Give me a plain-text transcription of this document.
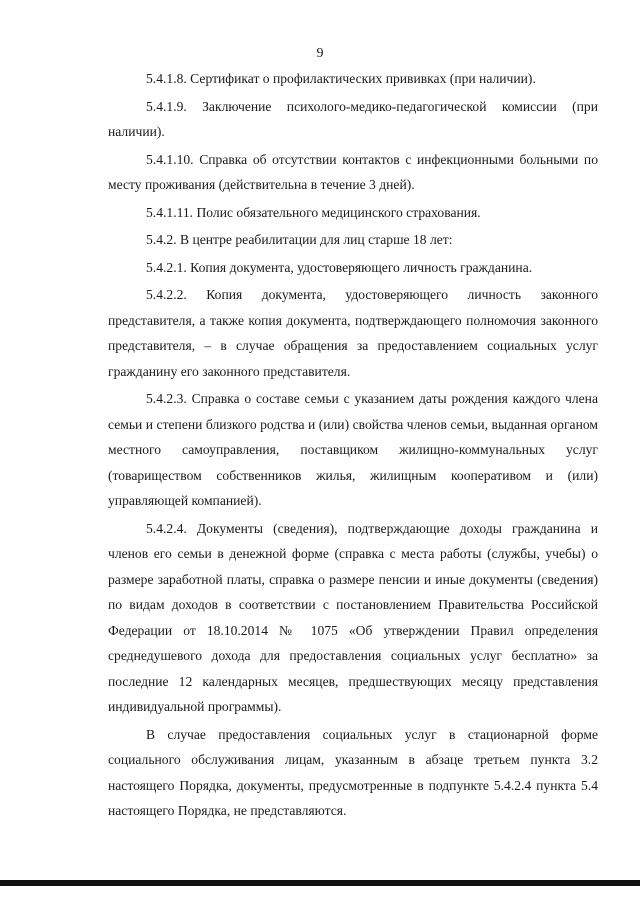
9

5.4.1.8. Сертификат о профилактических прививках (при наличии).

5.4.1.9. Заключение психолого-медико-педагогической комиссии (при наличии).

5.4.1.10. Справка об отсутствии контактов с инфекционными больными по месту проживания (действительна в течение 3 дней).

5.4.1.11. Полис обязательного медицинского страхования.

5.4.2. В центре реабилитации для лиц старше 18 лет:

5.4.2.1. Копия документа, удостоверяющего личность гражданина.

5.4.2.2. Копия документа, удостоверяющего личность законного представителя, а также копия документа, подтверждающего полномочия законного представителя, – в случае обращения за предоставлением социальных услуг гражданину его законного представителя.

5.4.2.3. Справка о составе семьи с указанием даты рождения каждого члена семьи и степени близкого родства и (или) свойства членов семьи, выданная органом местного самоуправления, поставщиком жилищно-коммунальных услуг (товариществом собственников жилья, жилищным кооперативом и (или) управляющей компанией).

5.4.2.4. Документы (сведения), подтверждающие доходы гражданина и членов его семьи в денежной форме (справка с места работы (службы, учебы) о размере заработной платы, справка о размере пенсии и иные документы (сведения) по видам доходов в соответствии с постановлением Правительства Российской Федерации от 18.10.2014 № 1075 «Об утверждении Правил определения среднедушевого дохода для предоставления социальных услуг бесплатно» за последние 12 календарных месяцев, предшествующих месяцу представления индивидуальной программы).

В случае предоставления социальных услуг в стационарной форме социального обслуживания лицам, указанным в абзаце третьем пункта 3.2 настоящего Порядка, документы, предусмотренные в подпункте 5.4.2.4 пункта 5.4 настоящего Порядка, не представляются.
